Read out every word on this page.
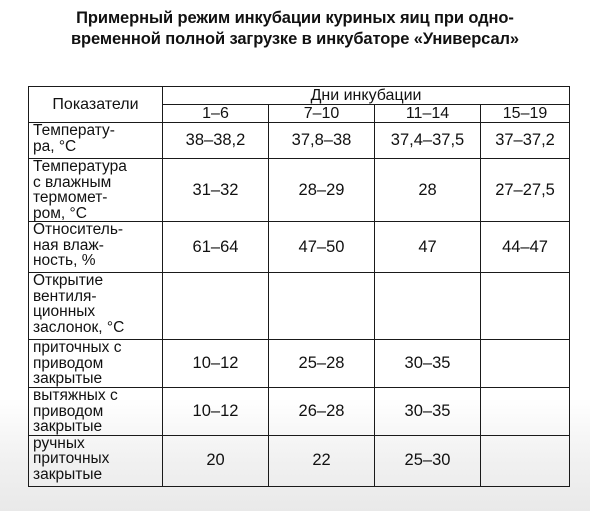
Примерный режим инкубации куриных яиц при одно-
временной полной загрузке в инкубаторе «Универсал»
Показатели	Дни инкубации			
	1–6	7–10	11–14	15–19

Температу-
ра, °С	38–38,2	37,8–38	37,4–37,5	37–37,2

Температура
с влажным
термомет-
ром, °С	31–32	28–29	28	27–27,5

Относитель-
ная влаж-
ность, %	61–64	47–50	47	44–47

Открытие
вентиля-
ционных
заслонок, °С				

приточных с
приводом
закрытые	10–12	25–28	30–35	

вытяжных с
приводом
закрытые	10–12	26–28	30–35	

ручных
приточных
закрытые	20	22	25–30	
